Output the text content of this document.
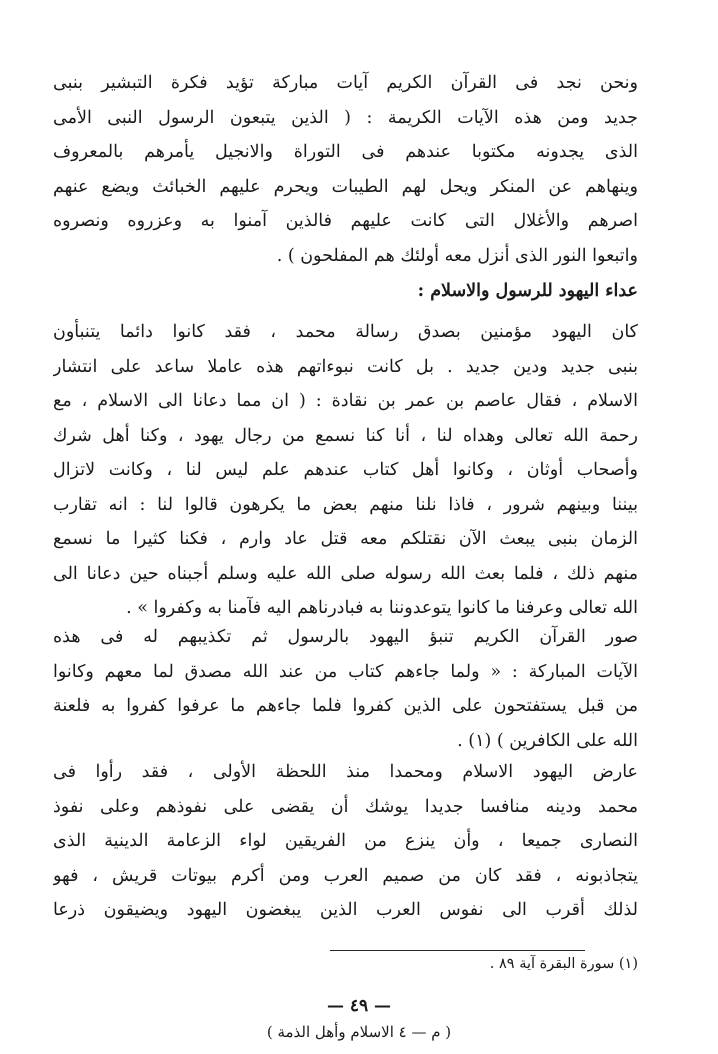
ونحن نجد فى القرآن الكريم آيات مباركة تؤيد فكرة التبشير بنبى
جديد ومن هذه الآيات الكريمة : ( الذين يتبعون الرسول النبى الأمى
الذى يجدونه مكتوبا عندهم فى التوراة والانجيل يأمرهم بالمعروف
وينهاهم عن المنكر ويحل لهم الطيبات ويحرم عليهم الخبائث ويضع عنهم
اصرهم والأغلال التى كانت عليهم فالذين آمنوا به وعزروه ونصروه
واتبعوا النور الذى أنزل معه أولئك هم المفلحون ) .
عداء اليهود للرسول والاسلام :
كان اليهود مؤمنين بصدق رسالة محمد ، فقد كانوا دائما يتنبأون
بنبى جديد ودين جديد . بل كانت نبوءاتهم هذه عاملا ساعد على انتشار
الاسلام ، فقال عاصم بن عمر بن نقادة : ( ان مما دعانا الى الاسلام ، مع
رحمة الله تعالى وهداه لنا ، أنا كنا نسمع من رجال يهود ، وكنا أهل شرك
وأصحاب أوثان ، وكانوا أهل كتاب عندهم علم ليس لنا ، وكانت لاتزال
بيننا وبينهم شرور ، فاذا نلنا منهم بعض ما يكرهون قالوا لنا : انه تقارب
الزمان بنبى يبعث الآن نقتلكم معه قتل عاد وارم ، فكنا كثيرا ما نسمع
منهم ذلك ، فلما بعث الله رسوله صلى الله عليه وسلم أجبناه حين دعانا الى
الله تعالى وعرفنا ما كانوا يتوعدوننا به فبادرناهم اليه فآمنا به وكفروا » .
صور القرآن الكريم تنبؤ اليهود بالرسول ثم تكذيبهم له فى هذه
الآيات المباركة : « ولما جاءهم كتاب من عند الله مصدق لما معهم وكانوا
من قبل يستفتحون على الذين كفروا فلما جاءهم ما عرفوا كفروا به فلعنة
الله على الكافرين ) (١) .
عارض اليهود الاسلام ومحمدا منذ اللحظة الأولى ، فقد رأوا فى
محمد ودينه منافسا جديدا يوشك أن يقضى على نفوذهم وعلى نفوذ
النصارى جميعا ، وأن ينزع من الفريقين لواء الزعامة الدينية الذى
يتجاذبونه ، فقد كان من صميم العرب ومن أكرم بيوتات قريش ، فهو
لذلك أقرب الى نفوس العرب الذين يبغضون اليهود ويضيقون ذرعا
(١) سورة البقرة آية ٨٩ .
— ٤٩ —
( م — ٤ الاسلام وأهل الذمة )
